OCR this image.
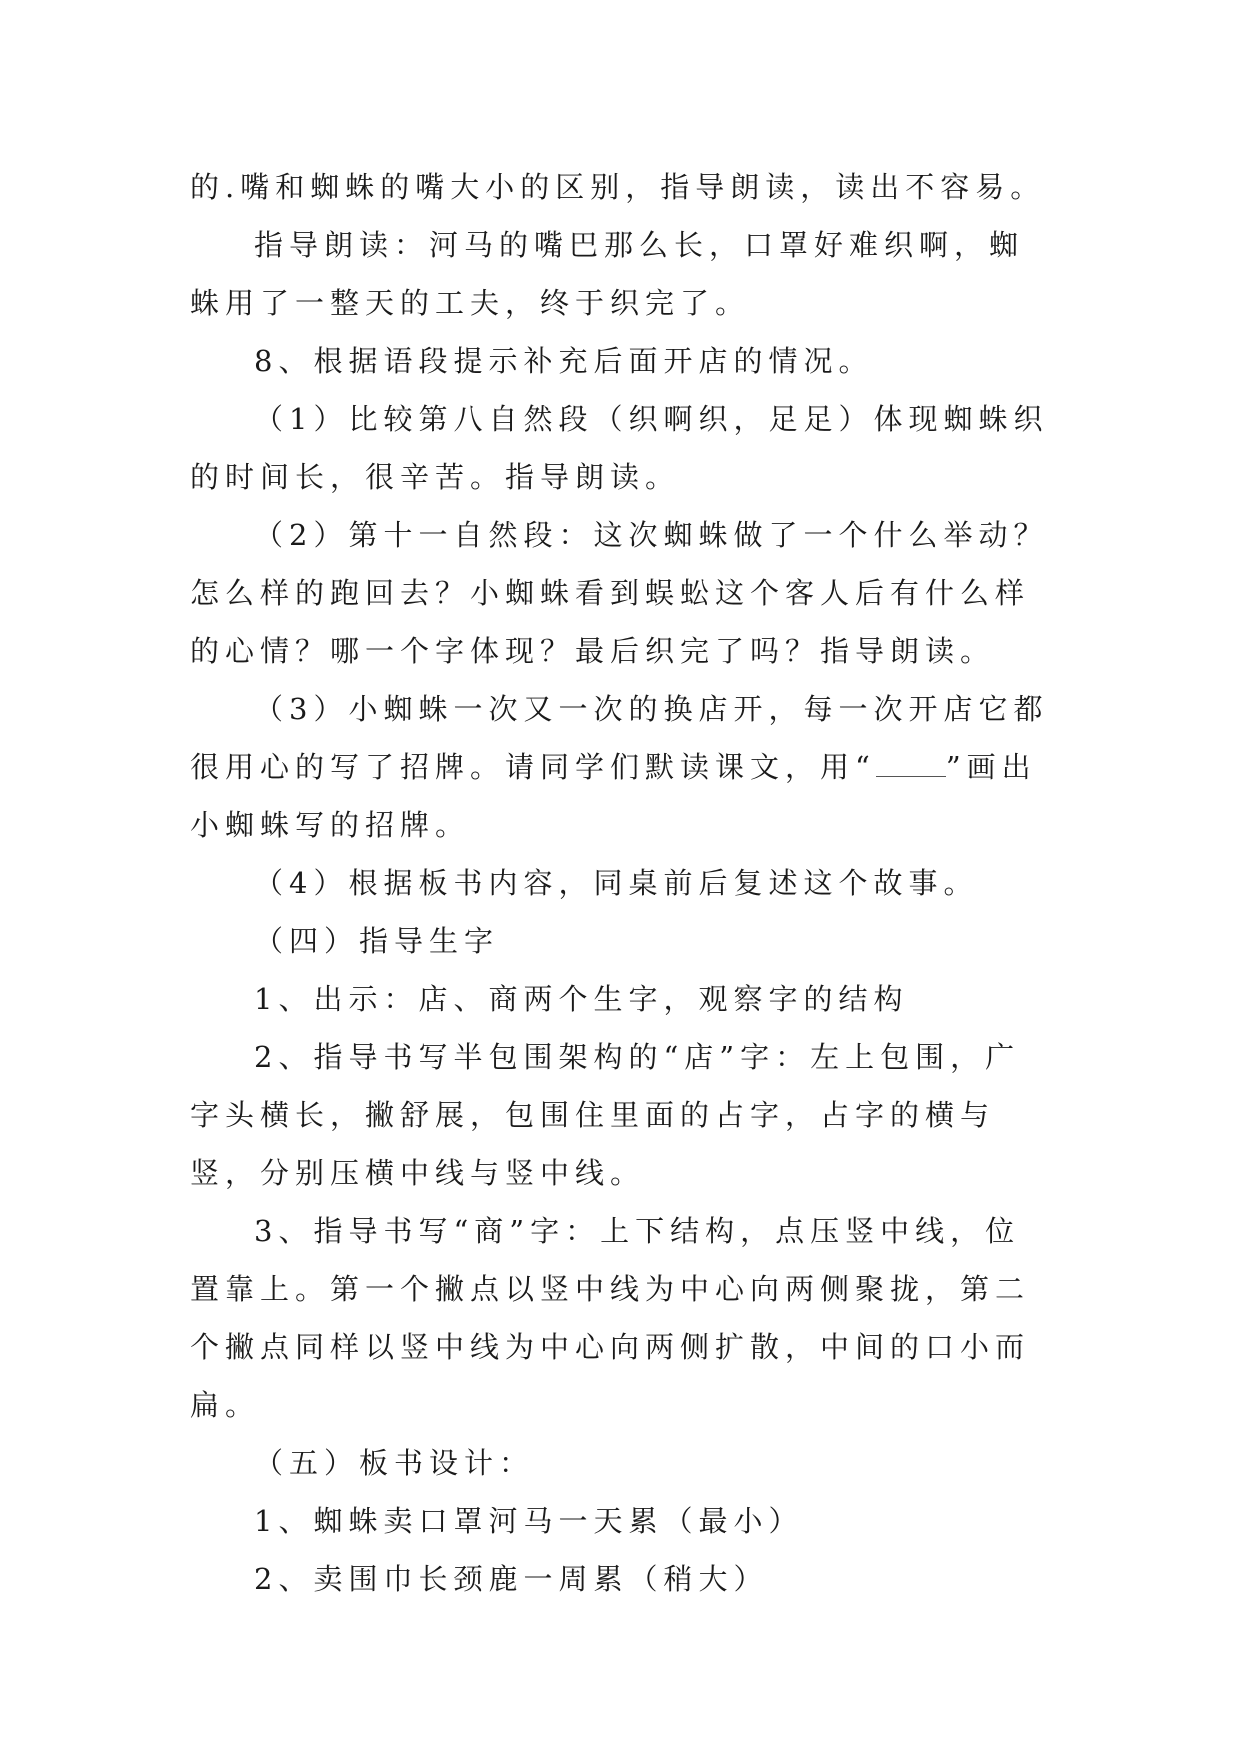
的.嘴和蜘蛛的嘴大小的区别，指导朗读，读出不容易。

指导朗读：河马的嘴巴那么长，口罩好难织啊，蜘蛛用了一整天的工夫，终于织完了。

8、根据语段提示补充后面开店的情况。

（1）比较第八自然段（织啊织，足足）体现蜘蛛织的时间长，很辛苦。指导朗读。

（2）第十一自然段：这次蜘蛛做了一个什么举动？怎么样的跑回去？小蜘蛛看到蜈蚣这个客人后有什么样的心情？哪一个字体现？最后织完了吗？指导朗读。

（3）小蜘蛛一次又一次的换店开，每一次开店它都很用心的写了招牌。请同学们默读课文，用“ ”画出小蜘蛛写的招牌。

（4）根据板书内容，同桌前后复述这个故事。

（四）指导生字

1、出示：店、商两个生字，观察字的结构

2、指导书写半包围架构的“店”字：左上包围，广字头横长，撇舒展，包围住里面的占字，占字的横与竖，分别压横中线与竖中线。

3、指导书写“商”字：上下结构，点压竖中线，位置靠上。第一个撇点以竖中线为中心向两侧聚拢，第二个撇点同样以竖中线为中心向两侧扩散，中间的口小而扁。

（五）板书设计：

1、蜘蛛卖口罩河马一天累（最小）

2、卖围巾长颈鹿一周累（稍大）
